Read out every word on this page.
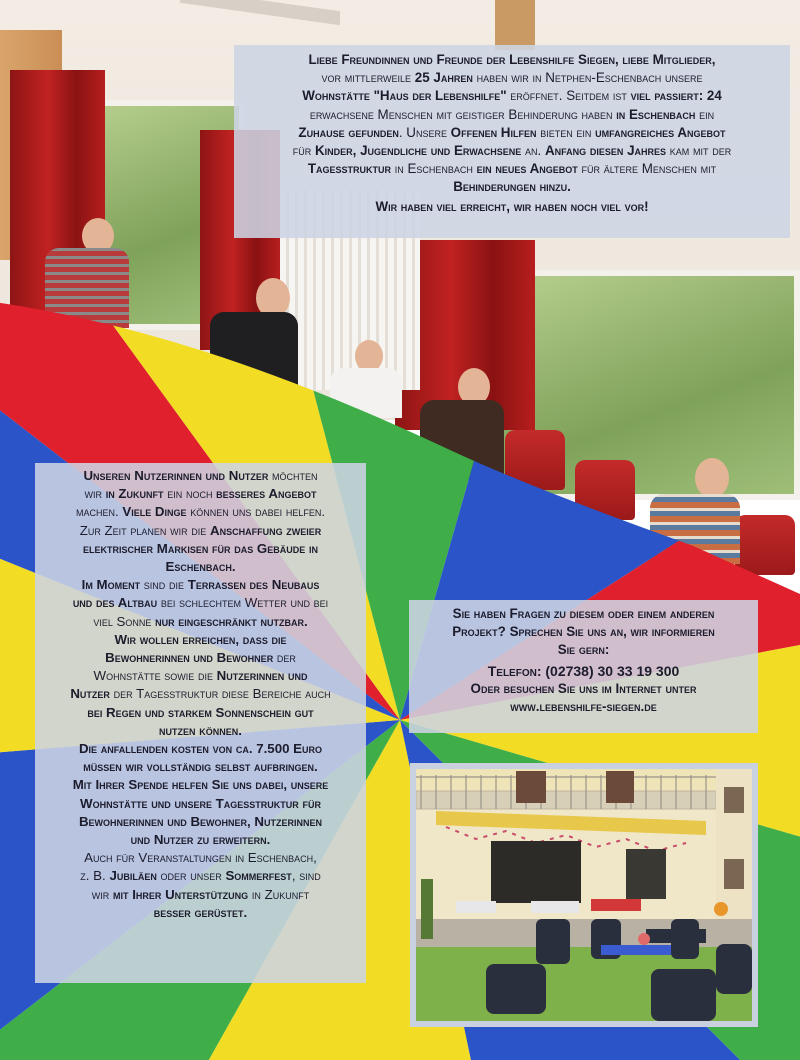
Liebe Freundinnen und Freunde der Lebenshilfe Siegen, liebe Mitglieder,

vor mittlerweile 25 Jahren haben wir in Netphen-Eschenbach unsere

Wohnstätte "Haus der Lebenshilfe" eröffnet. Seitdem ist viel passiert: 24

erwachsene Menschen mit geistiger Behinderung haben in Eschenbach ein

Zuhause gefunden. Unsere Offenen Hilfen bieten ein umfangreiches Angebot

für Kinder, Jugendliche und Erwachsene an. Anfang diesen Jahres kam mit der

Tagesstruktur in Eschenbach ein neues Angebot für ältere Menschen mit

Behinderungen hinzu.

Wir haben viel erreicht, wir haben noch viel vor!

Unseren Nutzerinnen und Nutzer möchten

wir in Zukunft ein noch besseres Angebot

machen. Viele Dinge können uns dabei helfen.

Zur Zeit planen wir die Anschaffung zweier

elektrischer Markisen für das Gebäude in

Eschenbach.

Im Moment sind die Terrassen des Neubaus

und des Altbau bei schlechtem Wetter und bei

viel Sonne nur eingeschränkt nutzbar.

Wir wollen erreichen, dass die

Bewohnerinnen und Bewohner der

Wohnstätte sowie die Nutzerinnen und

Nutzer der Tagesstruktur diese Bereiche auch

bei Regen und starkem Sonnenschein gut

nutzen können.

Die anfallenden kosten von ca. 7.500 Euro

müssen wir vollständig selbst aufbringen.

Mit Ihrer Spende helfen Sie uns dabei, unsere

Wohnstätte und unsere Tagesstruktur für

Bewohnerinnen und Bewohner, Nutzerinnen

und Nutzer zu erweitern.

Auch für Veranstaltungen in Eschenbach,

z. B. Jubiläen oder unser Sommerfest, sind

wir mit Ihrer Unterstützung in Zukunft

besser gerüstet.

Sie haben Fragen zu diesem oder einem anderen

Projekt? Sprechen Sie uns an, wir informieren

Sie gern:

Telefon: (02738) 30 33 19 300

Oder besuchen Sie uns im Internet unter

www.lebenshilfe-siegen.de
